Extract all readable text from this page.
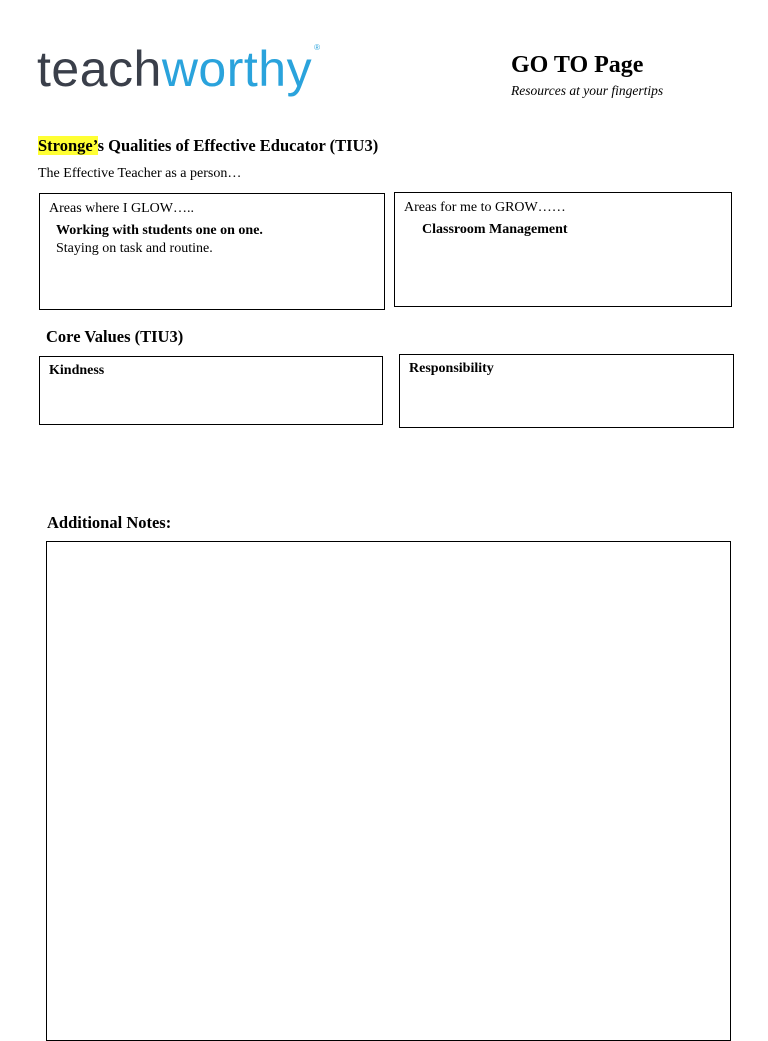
teachworthy ®
GO TO Page
Resources at your fingertips
Stronge’s Qualities of Effective Educator (TIU3)
The Effective Teacher as a person…
Areas where I GLOW…..
Working with students one on one.
Staying on task and routine.
Areas for me to GROW……
Classroom Management
Core Values (TIU3)
Kindness	Responsibility
Additional Notes:
